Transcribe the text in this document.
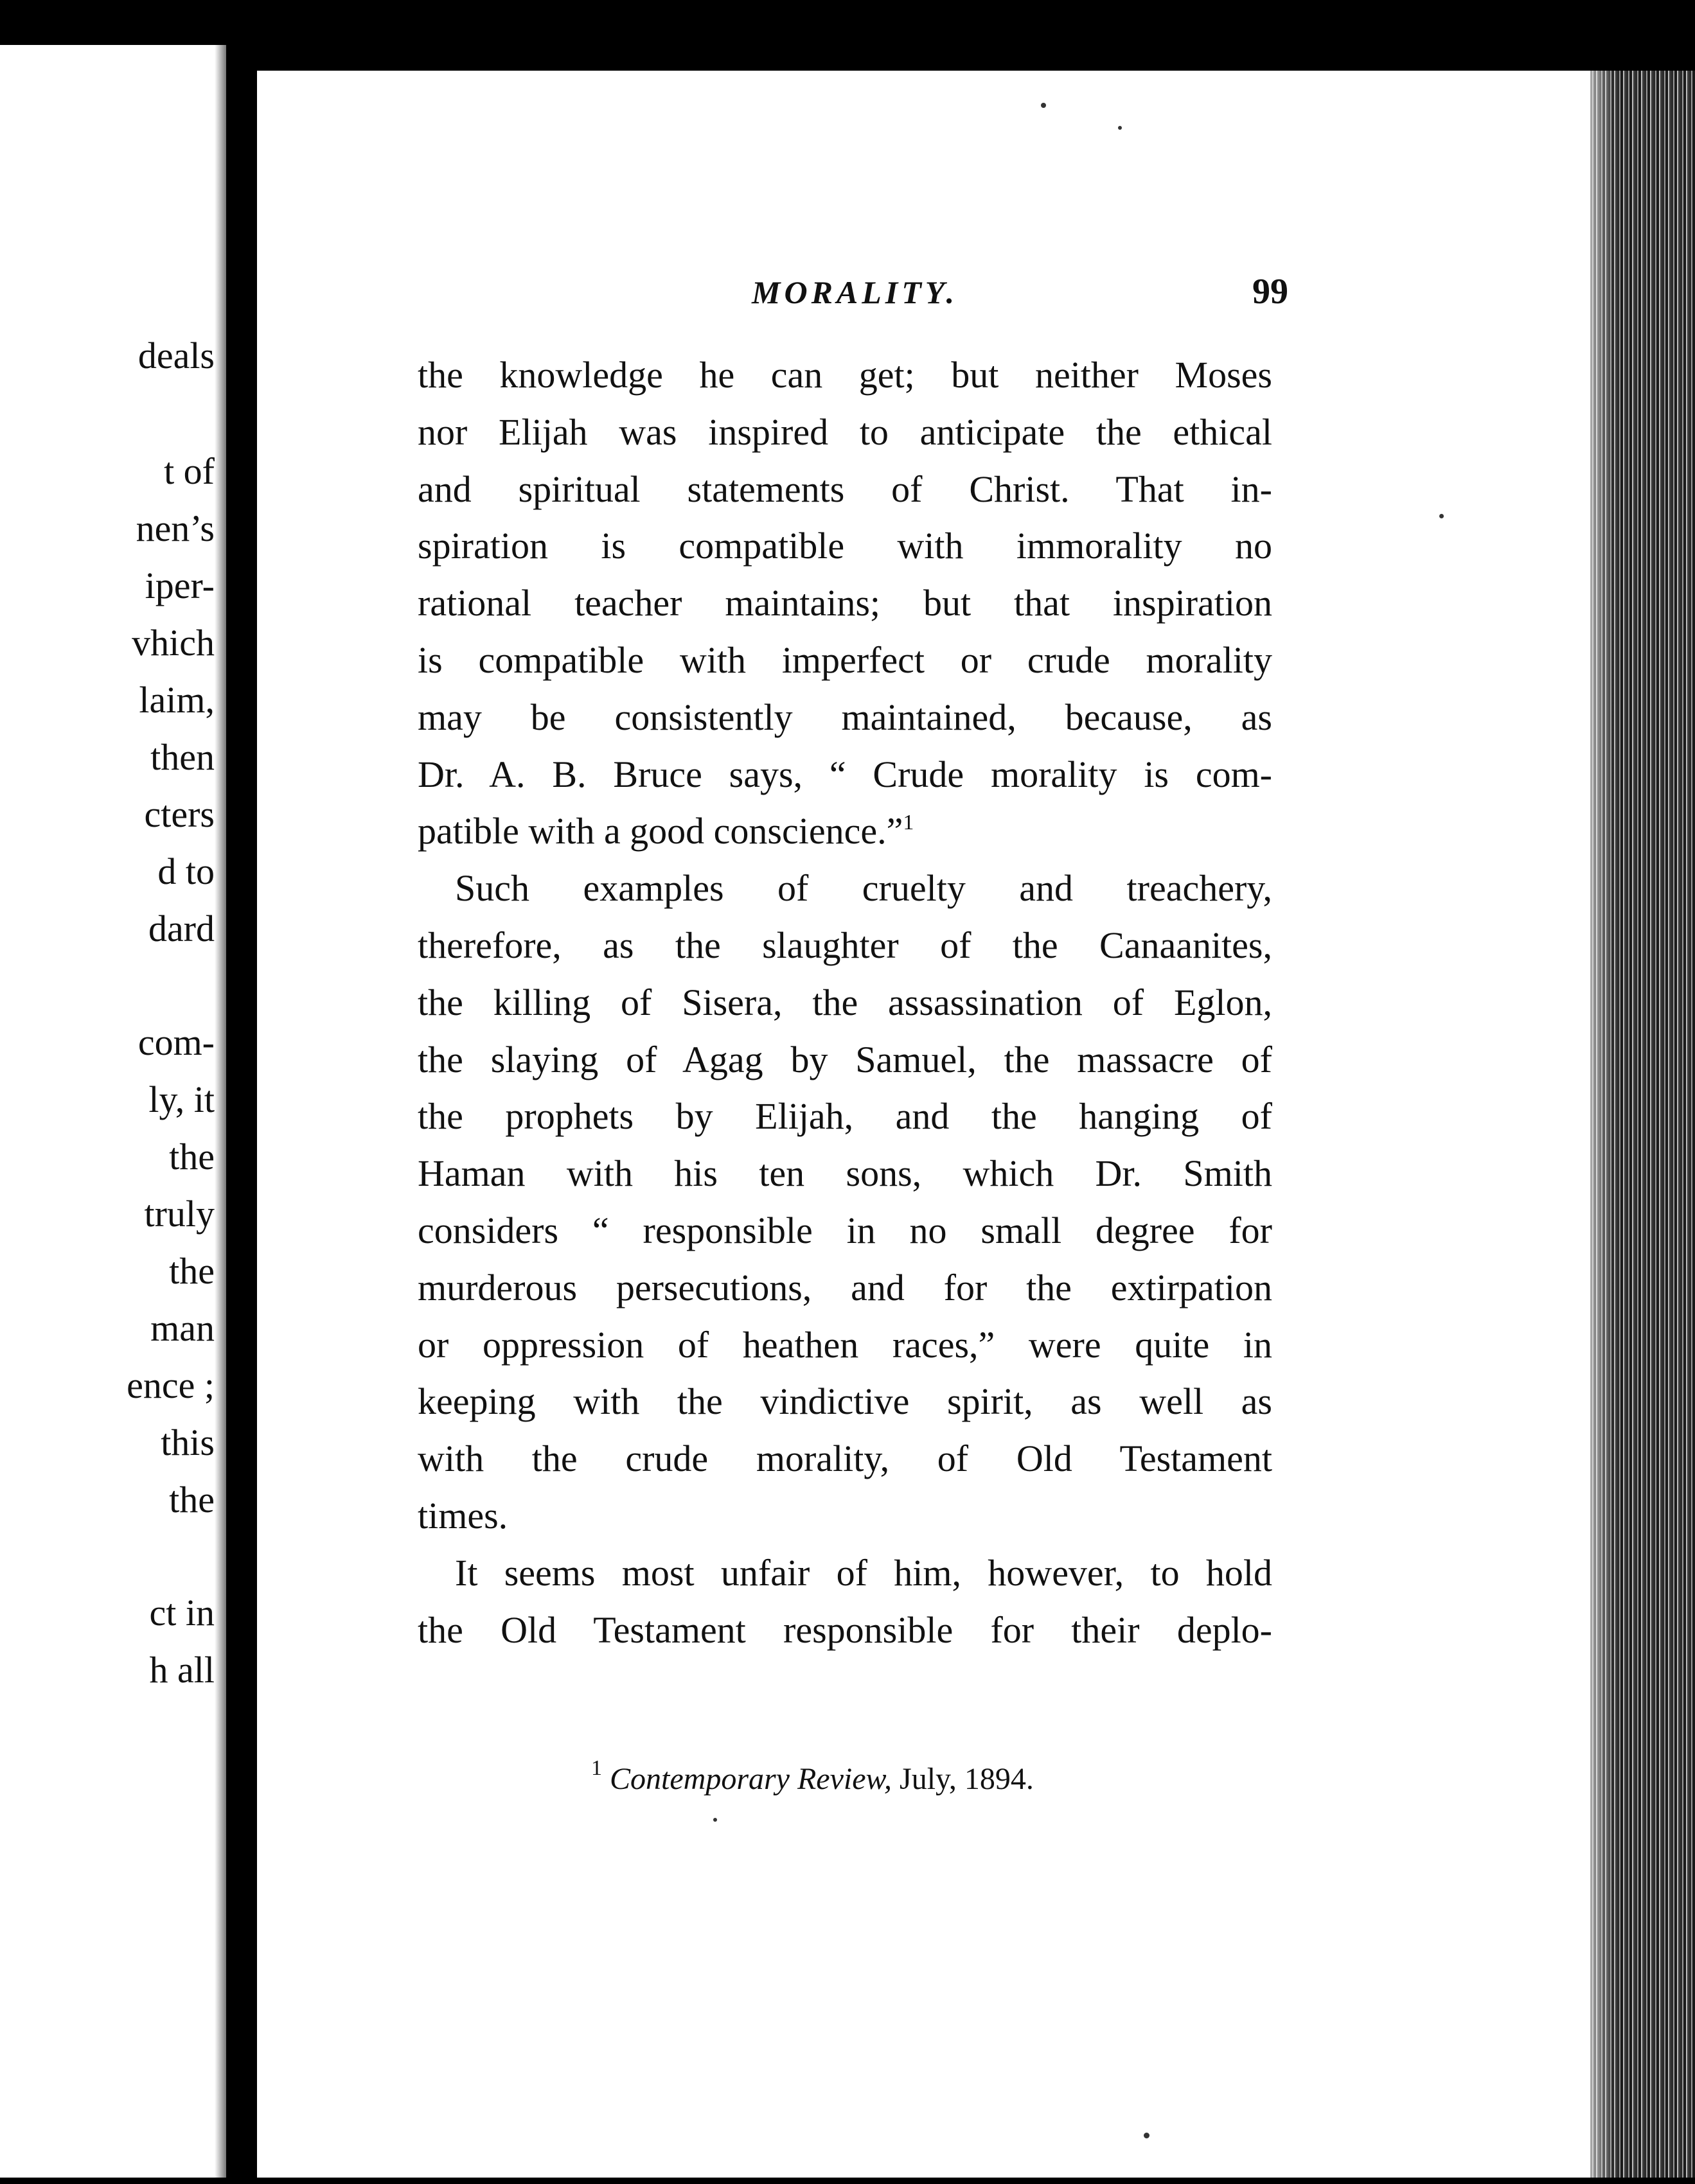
deals
t of
nen’s
iper-
vhich
laim,
then
cters
d to
dard
com-
ly, it
the
truly
the
man
ence ;
this
the
ct in
h all
MORALITY.	99
the knowledge he can get; but neither Moses
nor Elijah was inspired to anticipate the ethical
and spiritual statements of Christ. That in-
spiration is compatible with immorality no
rational teacher maintains; but that inspiration
is compatible with imperfect or crude morality
may be consistently maintained, because, as
Dr. A. B. Bruce says, “ Crude morality is com-
patible with a good conscience.”$^1$
Such examples of cruelty and treachery,
therefore, as the slaughter of the Canaanites,
the killing of Sisera, the assassination of Eglon,
the slaying of Agag by Samuel, the massacre of
the prophets by Elijah, and the hanging of
Haman with his ten sons, which Dr. Smith
considers “ responsible in no small degree for
murderous persecutions, and for the extirpation
or oppression of heathen races,” were quite in
keeping with the vindictive spirit, as well as
with the crude morality, of Old Testament
times.
It seems most unfair of him, however, to hold
the Old Testament responsible for their deplo-
$^1$ Contemporary Review, July, 1894.
